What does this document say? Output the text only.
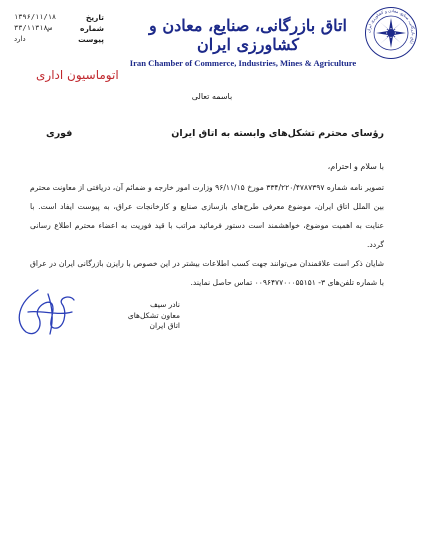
تاریخ
۱۳۹۶/۱۱/۱۸
شماره
۳۳/۱۱۳۱۸س
پیوست
دارد
اتوماسیون اداری
اتاق بازرگانی، صنایع، معادن و کشاورزی ایران
Iran Chamber of Commerce, Industries, Mines & Agriculture
اتاق بازرگانی، صنایع، معادن و کشاورزی ایران
باسمه تعالی
رؤسای محترم تشکل‌های وابسته به اتاق ایران
فوری
با سلام و احترام،

تصویر نامه شماره ۳۳۴/۲۲۰/۴۷۸۷۳۹۷ مورخ ۹۶/۱۱/۱۵ وزارت امور خارجه و ضمائم آن، دریافتی از معاونت محترم بین الملل اتاق ایران، موضوع معرفی طرح‌های بازسازی صنایع و کارخانجات عراق، به پیوست ایفاد است. با عنایت به اهمیت موضوع، خواهشمند است دستور فرمائید مراتب با قید فوریت به اعضاء محترم اطلاع رسانی گردد.

شایان ذکر است علاقمندان می‌توانند جهت کسب اطلاعات بیشتر در این خصوص با رایزن بازرگانی ایران در عراق با شماره تلفن‌های ۳- ۰۰۹۶۴۷۷۰۰۰۵۵۱۵۱ تماس حاصل نمایند.

نادر سیف
معاون تشکل‌های
اتاق ایران
